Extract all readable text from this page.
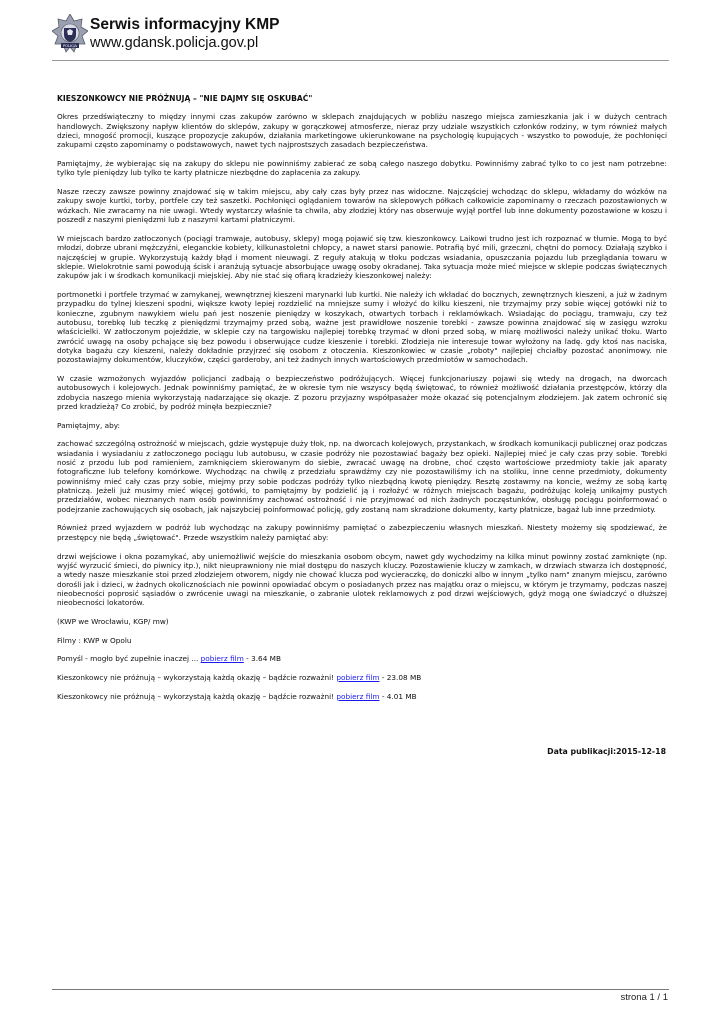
POLICJA
Serwis informacyjny KMP
www.gdansk.policja.gov.pl
KIESZONKOWCY NIE PRÓŻNUJĄ – "NIE DAJMY SIĘ OSKUBAĆ"

Okres przedświąteczny to między innymi czas zakupów zarówno w sklepach znajdujących w pobliżu naszego miejsca zamieszkania jak i w dużych centrach handlowych. Zwiększony napływ klientów do sklepów, zakupy w gorączkowej atmosferze, nieraz przy udziale wszystkich członków rodziny, w tym również małych dzieci, mnogość promocji, kuszące propozycje zakupów, działania marketingowe ukierunkowane na psychologię kupujących - wszystko to powoduje, że pochłonięci zakupami często zapominamy o podstawowych, nawet tych najprostszych zasadach bezpieczeństwa.

Pamiętajmy, że wybierając się na zakupy do sklepu nie powinniśmy zabierać ze sobą całego naszego dobytku. Powinniśmy zabrać tylko to co jest nam potrzebne: tylko tyle pieniędzy lub tylko te karty płatnicze niezbędne do zapłacenia za zakupy.

Nasze rzeczy zawsze powinny znajdować się w takim miejscu, aby cały czas były przez nas widoczne. Najczęściej wchodząc do sklepu, wkładamy do wózków na zakupy swoje kurtki, torby, portfele czy też saszetki. Pochłonięci oglądaniem towarów na sklepowych półkach całkowicie zapominamy o rzeczach pozostawionych w wózkach. Nie zwracamy na nie uwagi. Wtedy wystarczy właśnie ta chwila, aby złodziej który nas obserwuje wyjął portfel lub inne dokumenty pozostawione w koszu i poszedł z naszymi pieniędzmi lub z naszymi kartami płatniczymi.

W miejscach bardzo zatłoczonych (pociągi tramwaje, autobusy, sklepy) mogą pojawić się tzw. kieszonkowcy. Laikowi trudno jest ich rozpoznać w tłumie. Mogą to być młodzi, dobrze ubrani mężczyźni, eleganckie kobiety, kilkunastoletni chłopcy, a nawet starsi panowie. Potrafią być mili, grzeczni, chętni do pomocy. Działają szybko i najczęściej w grupie. Wykorzystują każdy błąd i moment nieuwagi. Z reguły atakują w tłoku podczas wsiadania, opuszczania pojazdu lub przeglądania towaru w sklepie. Wielokrotnie sami powodują ścisk i aranżują sytuacje absorbujące uwagę osoby okradanej. Taka sytuacja może mieć miejsce w sklepie podczas świątecznych zakupów jak i w środkach komunikacji miejskiej. Aby nie stać się ofiarą kradzieży kieszonkowej należy:

portmonetki i portfele trzymać w zamykanej, wewnętrznej kieszeni marynarki lub kurtki. Nie należy ich wkładać do bocznych, zewnętrznych kieszeni, a już w żadnym przypadku do tylnej kieszeni spodni, większe kwoty lepiej rozdzielić na mniejsze sumy i włożyć do kilku kieszeni, nie trzymajmy przy sobie więcej gotówki niż to konieczne, zgubnym nawykiem wielu pań jest noszenie pieniędzy w koszykach, otwartych torbach i reklamówkach. Wsiadając do pociągu, tramwaju, czy też autobusu, torebkę lub teczkę z pieniędzmi trzymajmy przed sobą, ważne jest prawidłowe noszenie torebki - zawsze powinna znajdować się w zasięgu wzroku właścicielki. W zatłoczonym pojeździe, w sklepie czy na targowisku najlepiej torebkę trzymać w dłoni przed sobą, w miarę możliwości należy unikać tłoku. Warto zwrócić uwagę na osoby pchające się bez powodu i obserwujące cudze kieszenie i torebki. Złodzieja nie interesuje towar wyłożony na ladę. gdy ktoś nas naciska, dotyka bagażu czy kieszeni, należy dokładnie przyjrzeć się osobom z otoczenia. Kieszonkowiec w czasie „roboty" najlepiej chciałby pozostać anonimowy. nie pozostawiajmy dokumentów, kluczyków, części garderoby, ani też żadnych innych wartościowych przedmiotów w samochodach.

W czasie wzmożonych wyjazdów policjanci zadbają o bezpieczeństwo podróżujących. Więcej funkcjonariuszy pojawi się wtedy na drogach, na dworcach autobusowych i kolejowych. Jednak powinniśmy pamiętać, że w okresie tym nie wszyscy będą świętować, to również możliwość działania przestępców, którzy dla zdobycia naszego mienia wykorzystają nadarzające się okazje. Z pozoru przyjazny współpasażer może okazać się potencjalnym złodziejem. Jak zatem ochronić się przed kradzieżą? Co zrobić, by podróż minęła bezpiecznie?

Pamiętajmy, aby:

zachować szczególną ostrożność w miejscach, gdzie występuje duży tłok, np. na dworcach kolejowych, przystankach, w środkach komunikacji publicznej oraz podczas wsiadania i wysiadaniu z zatłoczonego pociągu lub autobusu, w czasie podróży nie pozostawiać bagaży bez opieki. Najlepiej mieć je cały czas przy sobie. Torebki nosić z przodu lub pod ramieniem, zamknięciem skierowanym do siebie, zwracać uwagę na drobne, choć często wartościowe przedmioty takie jak aparaty fotograficzne lub telefony komórkowe. Wychodząc na chwilę z przedziału sprawdźmy czy nie pozostawiliśmy ich na stoliku, inne cenne przedmioty, dokumenty powinniśmy mieć cały czas przy sobie, miejmy przy sobie podczas podróży tylko niezbędną kwotę pieniędzy. Resztę zostawmy na koncie, weźmy ze sobą kartę płatniczą. Jeżeli już musimy mieć więcej gotówki, to pamiętajmy by podzielić ją i rozłożyć w różnych miejscach bagażu, podróżując koleją unikajmy pustych przedziałów, wobec nieznanych nam osób powinniśmy zachować ostrożność i nie przyjmować od nich żadnych poczęstunków, obsługę pociągu poinformować o podejrzanie zachowujących się osobach, jak najszybciej poinformować policję, gdy zostaną nam skradzione dokumenty, karty płatnicze, bagaż lub inne przedmioty.

Również przed wyjazdem w podróż lub wychodząc na zakupy powinniśmy pamiętać o zabezpieczeniu własnych mieszkań. Niestety możemy się spodziewać, że przestępcy nie będą „świętować". Przede wszystkim należy pamiętać aby:

drzwi wejściowe i okna pozamykać, aby uniemożliwić wejście do mieszkania osobom obcym, nawet gdy wychodzimy na kilka minut powinny zostać zamknięte (np. wyjść wyrzucić śmieci, do piwnicy itp.), nikt nieuprawniony nie miał dostępu do naszych kluczy. Pozostawienie kluczy w zamkach, w drzwiach stwarza ich dostępność, a wtedy nasze mieszkanie stoi przed złodziejem otworem, nigdy nie chować klucza pod wycieraczkę, do doniczki albo w innym „tylko nam" znanym miejscu, zarówno dorośli jak i dzieci, w żadnych okolicznościach nie powinni opowiadać obcym o posiadanych przez nas majątku oraz o miejscu, w którym je trzymamy, podczas naszej nieobecności poprosić sąsiadów o zwrócenie uwagi na mieszkanie, o zabranie ulotek reklamowych z pod drzwi wejściowych, gdyż mogą one świadczyć o dłuższej nieobecności lokatorów.

(KWP we Wrocławiu, KGP/ mw)

Filmy : KWP w Opolu

Pomyśl - mogło być zupełnie inaczej ... pobierz film - 3.64 MB

Kieszonkowcy nie próżnują – wykorzystają każdą okazję – bądźcie rozważni! pobierz film - 23.08 MB

Kieszonkowcy nie próżnują – wykorzystają każdą okazję – bądźcie rozważni! pobierz film - 4.01 MB

Data publikacji:2015-12-18
strona 1 / 1
